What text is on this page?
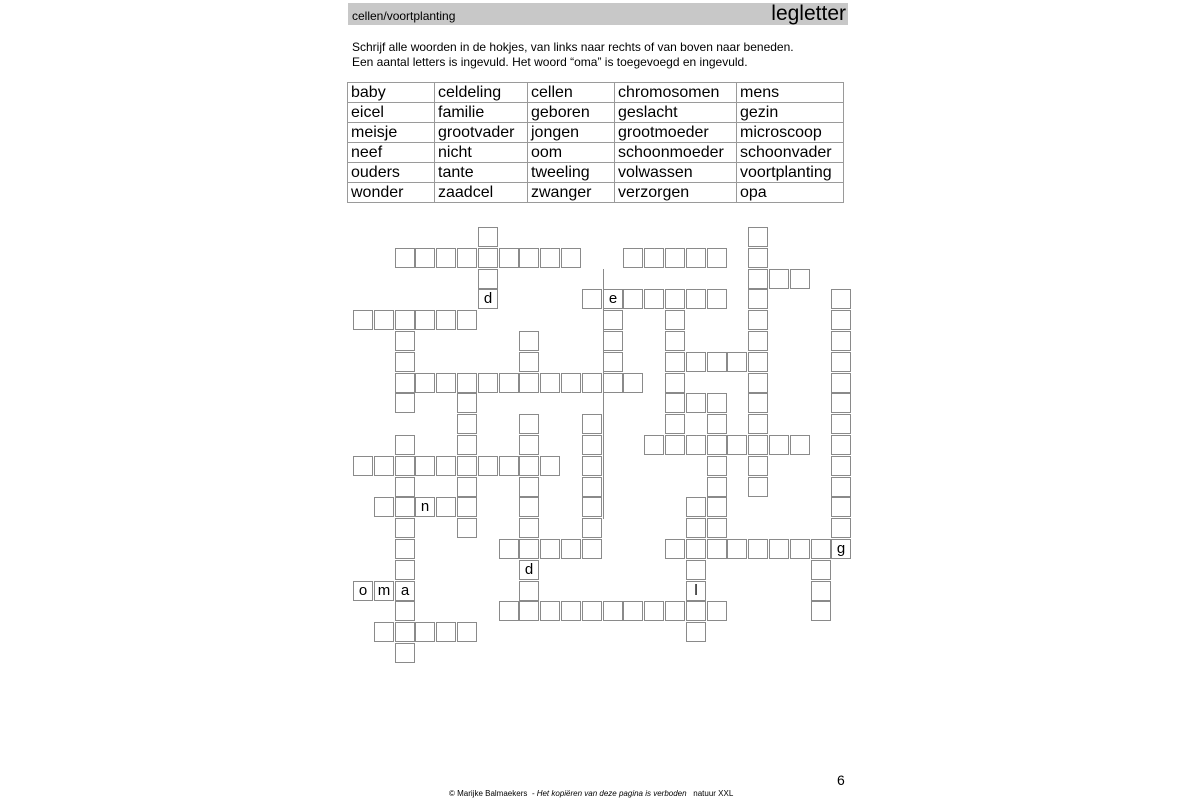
cellen/voortplanting	legletter
Schrijf alle woorden in de hokjes, van links naar rechts of van boven naar beneden.
Een aantal letters is ingevuld. Het woord “oma” is toegevoegd en ingevuld.
baby	celdeling	cellen	chromosomen	mens
eicel	familie	geboren	geslacht	gezin
meisje	grootvader	jongen	grootmoeder	microscoop
neef	nicht	oom	schoonmoeder	schoonvader
ouders	tante	tweeling	volwassen	voortplanting
wonder	zaadcel	zwanger	verzorgen	opa
e
n
g
o m a
d
d
l
6
© Marijke Balmaekers - Het kopiëren van deze pagina is verboden natuur XXL
